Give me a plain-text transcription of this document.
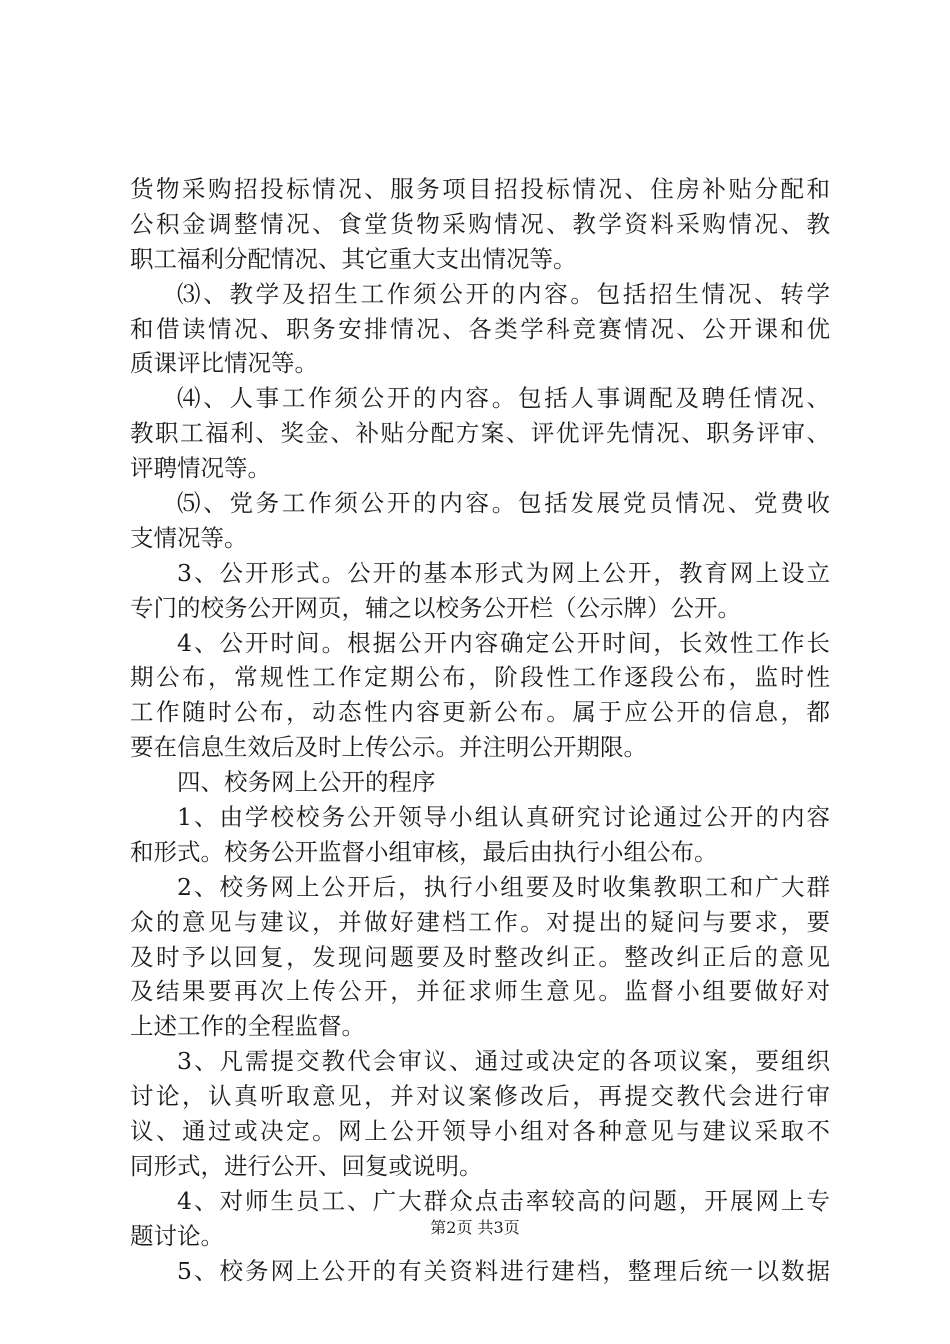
货物采购招投标情况、服务项目招投标情况、住房补贴分配和
公积金调整情况、食堂货物采购情况、教学资料采购情况、教
职工福利分配情况、其它重大支出情况等。
⑶、教学及招生工作须公开的内容。包括招生情况、转学
和借读情况、职务安排情况、各类学科竞赛情况、公开课和优
质课评比情况等。
⑷、人事工作须公开的内容。包括人事调配及聘任情况、
教职工福利、奖金、补贴分配方案、评优评先情况、职务评审、
评聘情况等。
⑸、党务工作须公开的内容。包括发展党员情况、党费收
支情况等。
3、公开形式。公开的基本形式为网上公开，教育网上设立
专门的校务公开网页，辅之以校务公开栏（公示牌）公开。
4、公开时间。根据公开内容确定公开时间，长效性工作长
期公布，常规性工作定期公布，阶段性工作逐段公布，监时性
工作随时公布，动态性内容更新公布。属于应公开的信息，都
要在信息生效后及时上传公示。并注明公开期限。
四、校务网上公开的程序
1、由学校校务公开领导小组认真研究讨论通过公开的内容
和形式。校务公开监督小组审核，最后由执行小组公布。
2、校务网上公开后，执行小组要及时收集教职工和广大群
众的意见与建议，并做好建档工作。对提出的疑问与要求，要
及时予以回复，发现问题要及时整改纠正。整改纠正后的意见
及结果要再次上传公开，并征求师生意见。监督小组要做好对
上述工作的全程监督。
3、凡需提交教代会审议、通过或决定的各项议案，要组织
讨论，认真听取意见，并对议案修改后，再提交教代会进行审
议、通过或决定。网上公开领导小组对各种意见与建议采取不
同形式，进行公开、回复或说明。
4、对师生员工、广大群众点击率较高的问题，开展网上专
题讨论。
5、校务网上公开的有关资料进行建档，整理后统一以数据
第2页 共3页
